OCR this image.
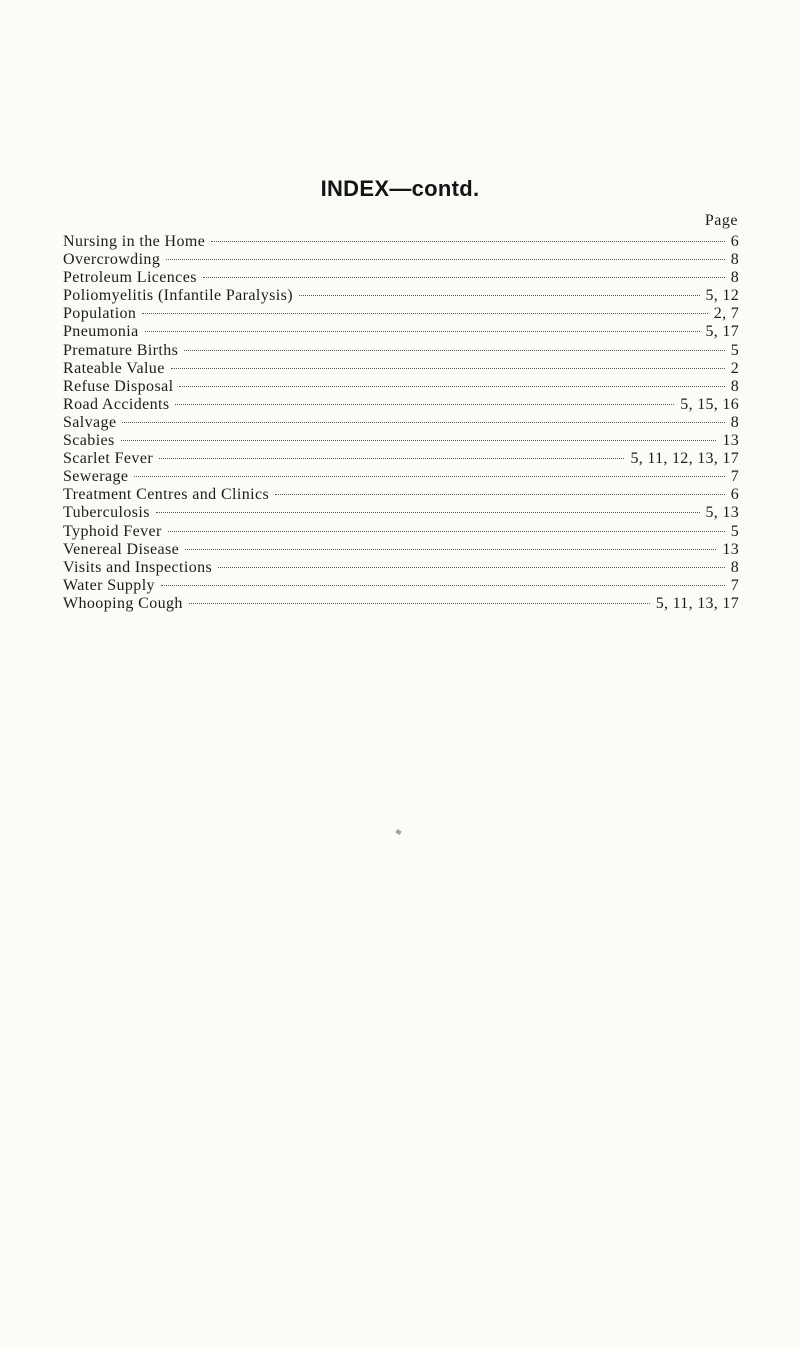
INDEX—contd.
Page
Nursing in the Home	6
Overcrowding	8
Petroleum Licences	8
Poliomyelitis (Infantile Paralysis)	5, 12
Population	2, 7
Pneumonia	5, 17
Premature Births	5
Rateable Value	2
Refuse Disposal	8
Road Accidents	5, 15, 16
Salvage	8
Scabies	13
Scarlet Fever	5, 11, 12, 13, 17
Sewerage	7
Treatment Centres and Clinics	6
Tuberculosis	5, 13
Typhoid Fever	5
Venereal Disease	13
Visits and Inspections	8
Water Supply	7
Whooping Cough	5, 11, 13, 17
